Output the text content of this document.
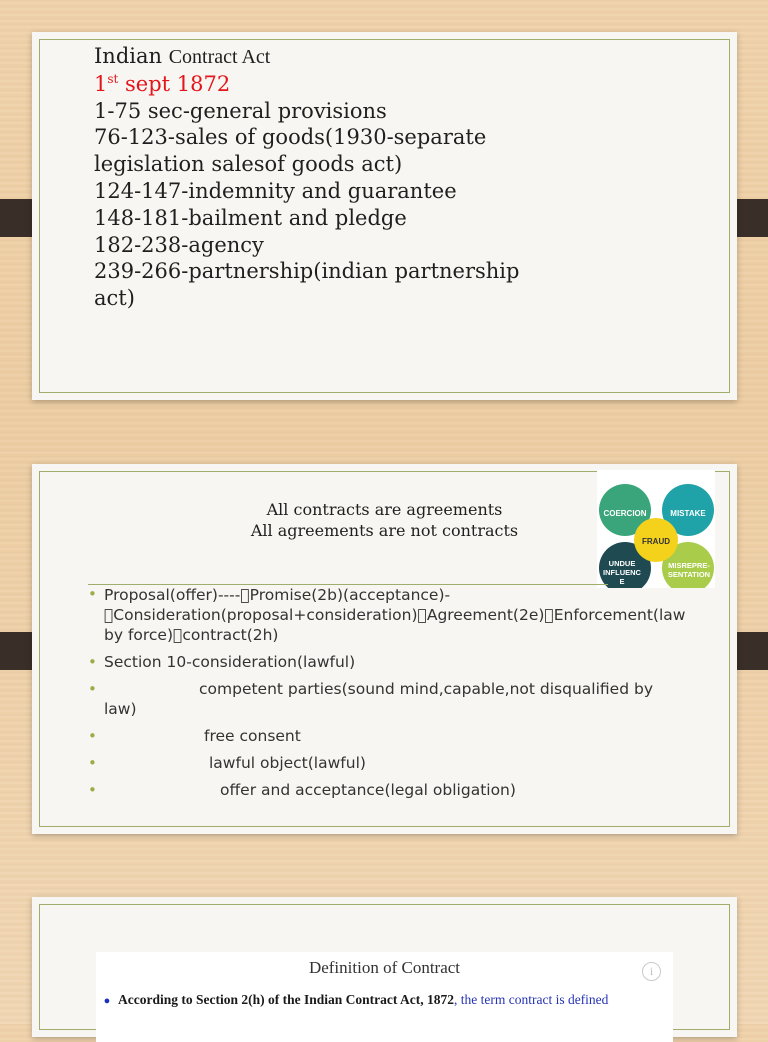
Indian Contract Act
1st sept 1872
1-75 sec-general provisions
76-123-sales of goods(1930-separate
legislation salesof goods act)
124-147-indemnity and guarantee
148-181-bailment and pledge
182-238-agency
239-266-partnership(indian partnership
act)
All contracts are agreements
All agreements are not contracts
COERCION	MISTAKE
FRAUD
UNDUE
INFLUENC
E
MISREPRE-
SENTATION
• Proposal(offer)---- Promise(2b)(acceptance)- Consideration(proposal+consideration) Agreement(2e) Enforcement(law by force) contract(2h)
• Section 10-consideration(lawful)
• competent parties(sound mind,capable,not disqualified by law)
• free consent
• lawful object(lawful)
• offer and acceptance(legal obligation)
Definition of Contract	i
● According to Section 2(h) of the Indian Contract Act, 1872, the term contract is defined
